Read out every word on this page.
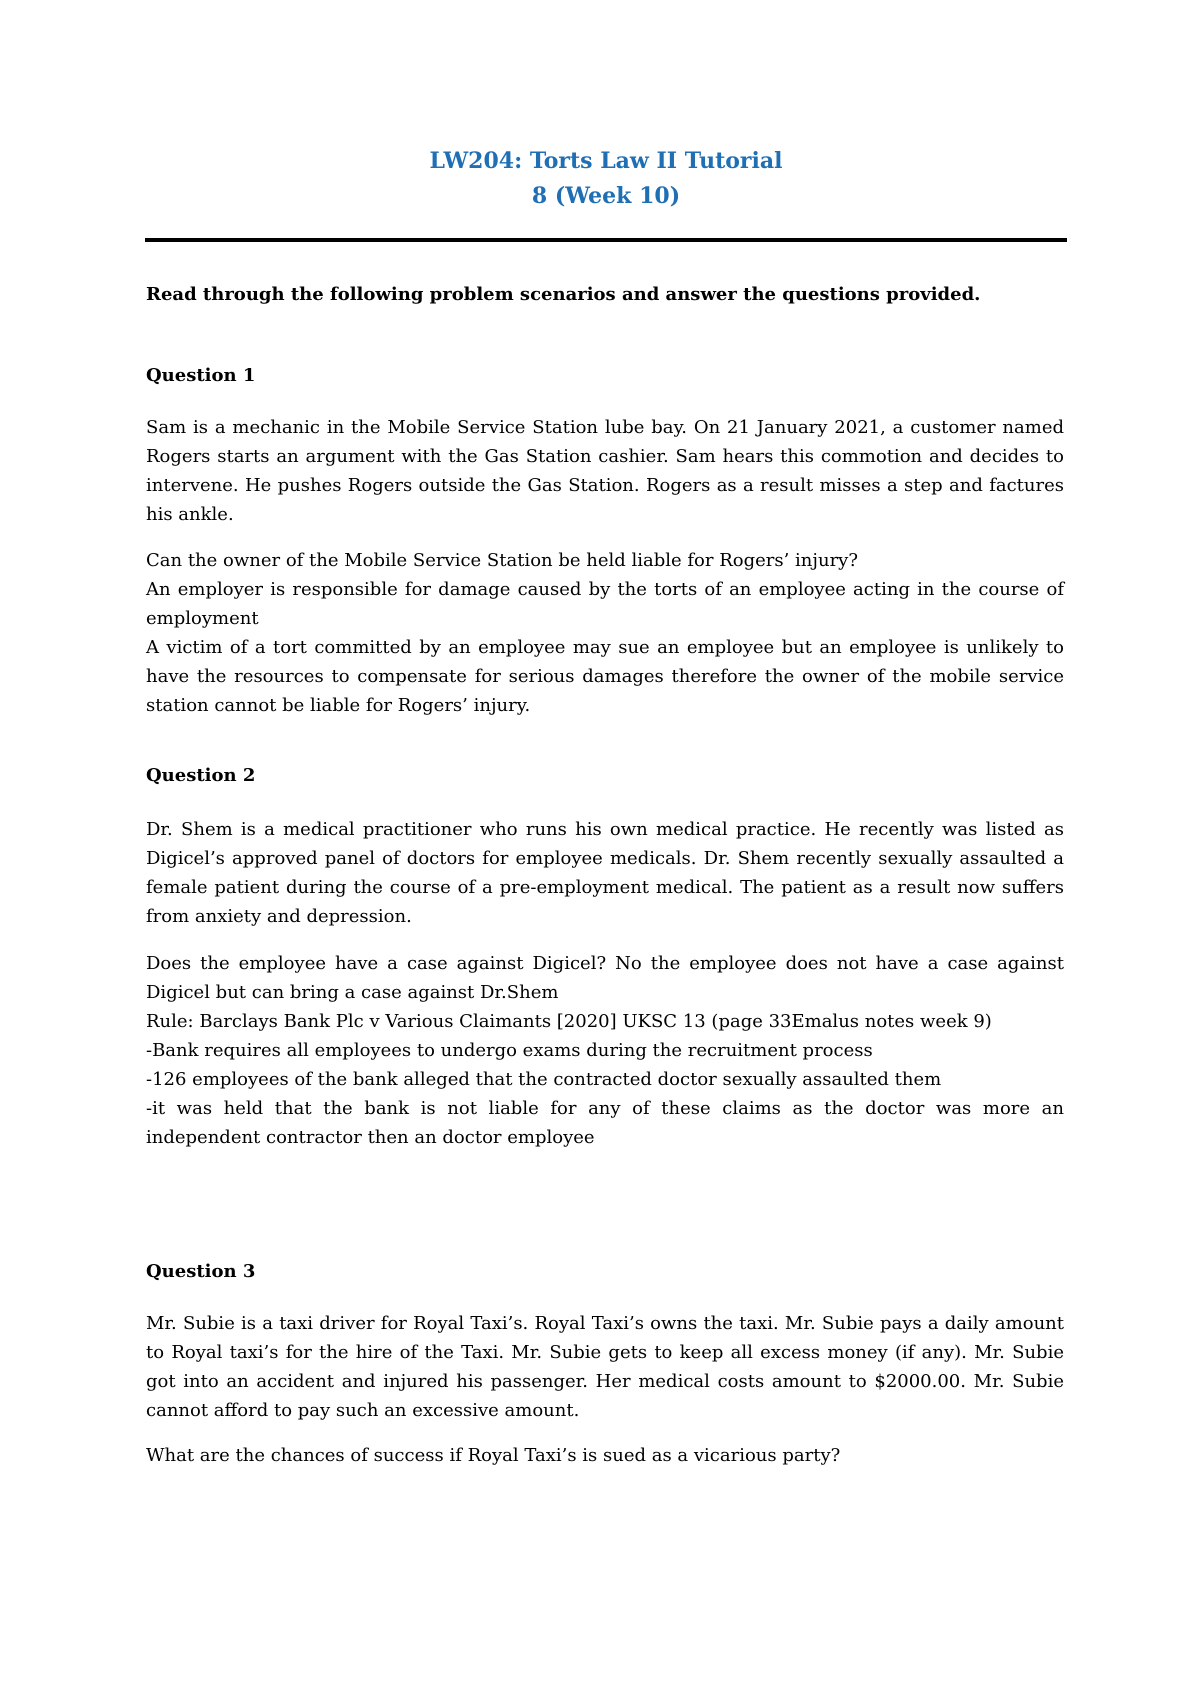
LW204: Torts Law II Tutorial
8 (Week 10)
Read through the following problem scenarios and answer the questions provided.
Question 1
Sam is a mechanic in the Mobile Service Station lube bay. On 21 January 2021, a customer named Rogers starts an argument with the Gas Station cashier. Sam hears this commotion and decides to intervene. He pushes Rogers outside the Gas Station. Rogers as a result misses a step and factures his ankle.

Can the owner of the Mobile Service Station be held liable for Rogers’ injury?

An employer is responsible for damage caused by the torts of an employee acting in the course of employment

A victim of a tort committed by an employee may sue an employee but an employee is unlikely to have the resources to compensate for serious damages therefore the owner of the mobile service station cannot be liable for Rogers’ injury.

Question 2
Dr. Shem is a medical practitioner who runs his own medical practice. He recently was listed as Digicel’s approved panel of doctors for employee medicals. Dr. Shem recently sexually assaulted a female patient during the course of a pre-employment medical. The patient as a result now suffers from anxiety and depression.

Does the employee have a case against Digicel? No the employee does not have a case against Digicel but can bring a case against Dr.Shem

Rule: Barclays Bank Plc v Various Claimants [2020] UKSC 13 (page 33Emalus notes week 9)

-Bank requires all employees to undergo exams during the recruitment process

-126 employees of the bank alleged that the contracted doctor sexually assaulted them

-it was held that the bank is not liable for any of these claims as the doctor was more an independent contractor then an doctor employee

Question 3
Mr. Subie is a taxi driver for Royal Taxi’s. Royal Taxi’s owns the taxi. Mr. Subie pays a daily amount to Royal taxi’s for the hire of the Taxi. Mr. Subie gets to keep all excess money (if any). Mr. Subie got into an accident and injured his passenger. Her medical costs amount to $2000.00. Mr. Subie cannot afford to pay such an excessive amount.
What are the chances of success if Royal Taxi’s is sued as a vicarious party?
